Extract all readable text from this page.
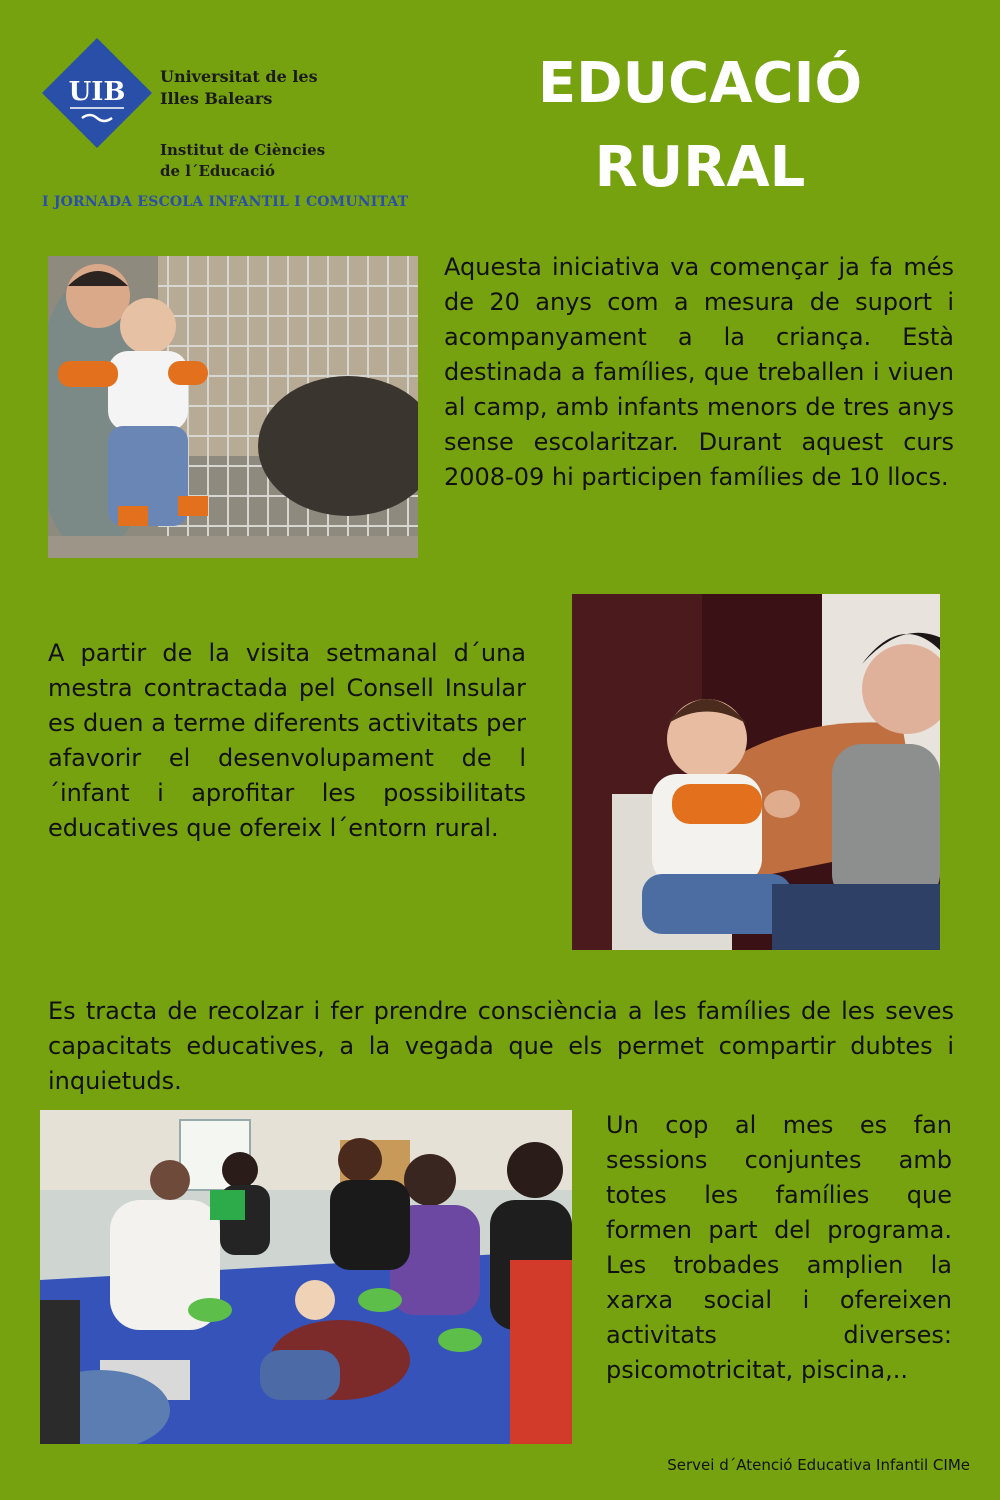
UIB
Universitat de les
Illes Balears
Institut de Ciències
de l´Educació
I JORNADA ESCOLA INFANTIL I COMUNITAT
EDUCACIÓ
RURAL
Aquesta iniciativa va començar ja fa més de 20 anys com a mesura de suport i acompanyament a la criança. Està destinada a famílies, que treballen i viuen al camp, amb infants menors de tres anys sense escolaritzar. Durant aquest curs 2008-09 hi participen famílies de 10 llocs.
A partir de la visita setmanal d´una mestra contractada pel Consell Insular es duen a terme diferents activitats per afavorir el desenvolupament de l´infant i aprofitar les possibilitats educatives que ofereix l´entorn rural.
Es tracta de recolzar i fer prendre consciència a les famílies de les seves capacitats educatives, a la vegada que els permet compartir dubtes i inquietuds.
Un cop al mes es fan sessions conjuntes amb totes les famílies que formen part del programa. Les trobades amplien la xarxa social i ofereixen activitats diverses: psicomotricitat, piscina,..
Servei d´Atenció Educativa Infantil CIMe
